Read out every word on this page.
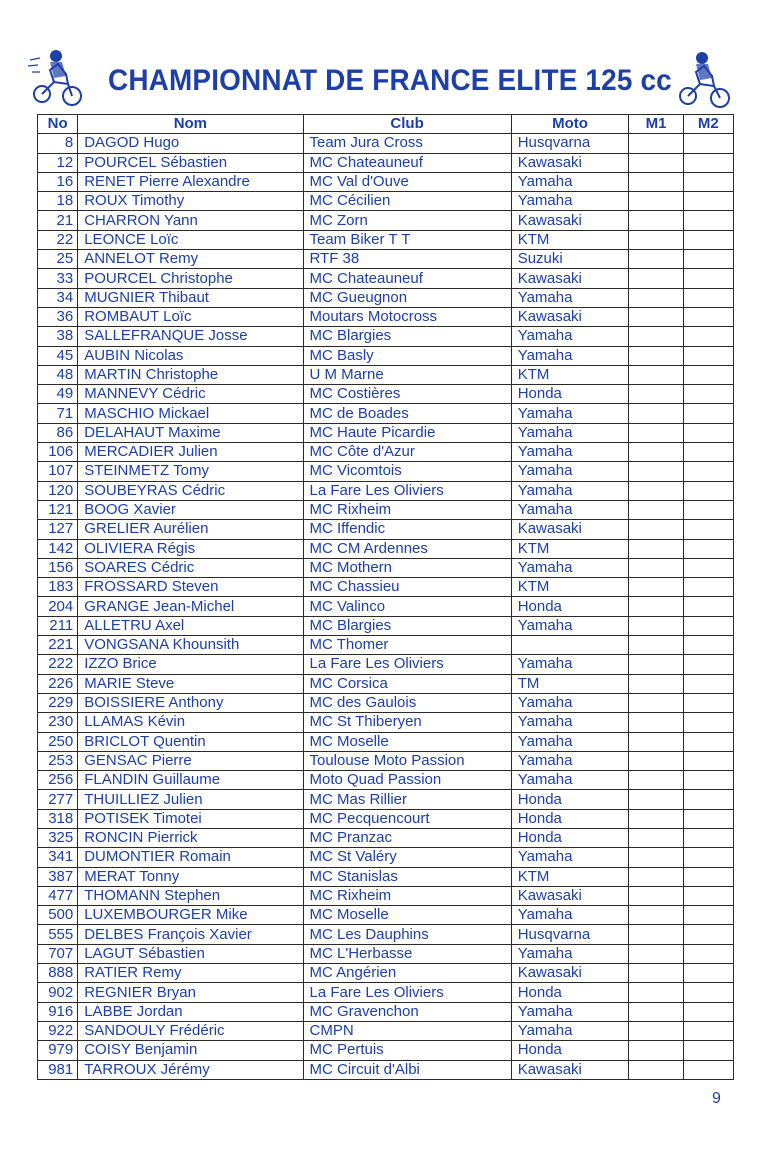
CHAMPIONNAT DE FRANCE ELITE 125 cc
No	Nom	Club	Moto	M1	M2
8	DAGOD Hugo	Team Jura Cross	Husqvarna		
12	POURCEL Sébastien	MC Chateauneuf	Kawasaki		
16	RENET Pierre Alexandre	MC Val d'Ouve	Yamaha		
18	ROUX Timothy	MC Cécilien	Yamaha		
21	CHARRON Yann	MC Zorn	Kawasaki		
22	LEONCE Loïc	Team Biker T T	KTM		
25	ANNELOT Remy	RTF 38	Suzuki		
33	POURCEL Christophe	MC Chateauneuf	Kawasaki		
34	MUGNIER Thibaut	MC Gueugnon	Yamaha		
36	ROMBAUT Loïc	Moutars Motocross	Kawasaki		
38	SALLEFRANQUE Josse	MC Blargies	Yamaha		
45	AUBIN Nicolas	MC Basly	Yamaha		
48	MARTIN Christophe	U M Marne	KTM		
49	MANNEVY Cédric	MC Costières	Honda		
71	MASCHIO Mickael	MC de Boades	Yamaha		
86	DELAHAUT Maxime	MC Haute Picardie	Yamaha		
106	MERCADIER Julien	MC Côte d'Azur	Yamaha		
107	STEINMETZ Tomy	MC Vicomtois	Yamaha		
120	SOUBEYRAS Cédric	La Fare Les Oliviers	Yamaha		
121	BOOG Xavier	MC Rixheim	Yamaha		
127	GRELIER Aurélien	MC Iffendic	Kawasaki		
142	OLIVIERA Régis	MC CM Ardennes	KTM		
156	SOARES Cédric	MC Mothern	Yamaha		
183	FROSSARD Steven	MC Chassieu	KTM		
204	GRANGE Jean-Michel	MC Valinco	Honda		
211	ALLETRU Axel	MC Blargies	Yamaha		
221	VONGSANA Khounsith	MC Thomer			
222	IZZO Brice	La Fare Les Oliviers	Yamaha		
226	MARIE Steve	MC Corsica	TM		
229	BOISSIERE Anthony	MC des Gaulois	Yamaha		
230	LLAMAS Kévin	MC St Thiberyen	Yamaha		
250	BRICLOT Quentin	MC Moselle	Yamaha		
253	GENSAC Pierre	Toulouse Moto Passion	Yamaha		
256	FLANDIN Guillaume	Moto Quad Passion	Yamaha		
277	THUILLIEZ Julien	MC Mas Rillier	Honda		
318	POTISEK Timotei	MC Pecquencourt	Honda		
325	RONCIN Pierrick	MC Pranzac	Honda		
341	DUMONTIER Romain	MC St Valéry	Yamaha		
387	MERAT Tonny	MC Stanislas	KTM		
477	THOMANN Stephen	MC Rixheim	Kawasaki		
500	LUXEMBOURGER Mike	MC Moselle	Yamaha		
555	DELBES François Xavier	MC Les Dauphins	Husqvarna		
707	LAGUT Sébastien	MC L'Herbasse	Yamaha		
888	RATIER Remy	MC Angérien	Kawasaki		
902	REGNIER Bryan	La Fare Les Oliviers	Honda		
916	LABBE Jordan	MC Gravenchon	Yamaha		
922	SANDOULY Frédéric	CMPN	Yamaha		
979	COISY Benjamin	MC Pertuis	Honda		
981	TARROUX Jérémy	MC Circuit d'Albi	Kawasaki		
9
